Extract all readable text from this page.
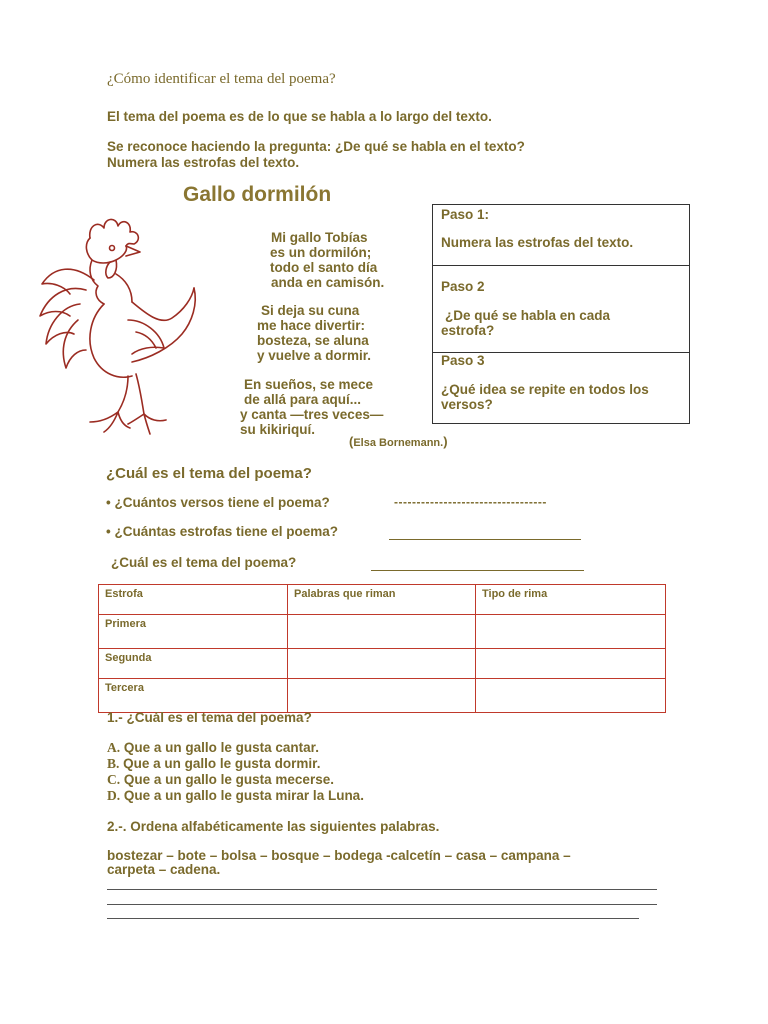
¿Cómo identificar el tema del poema?
El tema del poema es de lo que se habla a lo largo del texto.
Se reconoce haciendo la pregunta: ¿De qué se habla en el texto?
Numera las estrofas del texto.
Gallo dormilón
Mi gallo Tobías
es un dormilón;
todo el santo día
anda en camisón.
Si deja su cuna
me hace divertir:
bosteza, se aluna
y vuelve a dormir.
En sueños, se mece
de allá para aquí...
y canta —tres veces—
su kikiriquí.
(Elsa Bornemann.)
Paso 1:
Numera las estrofas del texto.
Paso 2
¿De qué se habla en cada
estrofa?
Paso 3
¿Qué idea se repite en todos los
versos?
¿Cuál es el tema del poema?
• ¿Cuántos versos tiene el poema?	----------------------------------
• ¿Cuántas estrofas tiene el poema?
¿Cuál es el tema del poema?
Estrofa	Palabras que riman	Tipo de rima
Primera		
Segunda		
Tercera		
1.- ¿Cuál es el tema del poema?
A. Que a un gallo le gusta cantar.
B. Que a un gallo le gusta dormir.
C. Que a un gallo le gusta mecerse.
D. Que a un gallo le gusta mirar la Luna.
2.-. Ordena alfabéticamente las siguientes palabras.
bostezar – bote – bolsa – bosque – bodega -calcetín – casa – campana –
carpeta – cadena.
